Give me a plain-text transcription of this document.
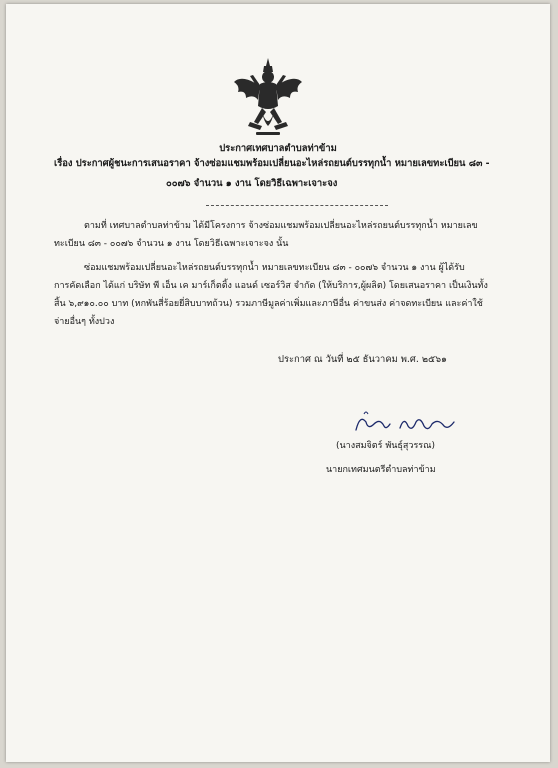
ประกาศเทศบาลตำบลท่าข้าม
เรื่อง ประกาศผู้ชนะการเสนอราคา จ้างซ่อมแชมพร้อมเปลี่ยนอะไหล่รถยนต์บรรทุกน้ำ หมายเลขทะเบียน ๘๓ -
๐๐๗๖ จำนวน ๑ งาน โดยวิธีเฉพาะเจาะจง
ตามที่ เทศบาลตำบลท่าข้าม ได้มีโครงการ จ้างซ่อมแชมพร้อมเปลี่ยนอะไหล่รถยนต์บรรทุกน้ำ หมายเลข
ทะเบียน ๘๓ - ๐๐๗๖ จำนวน ๑ งาน โดยวิธีเฉพาะเจาะจง นั้น
ซ่อมแชมพร้อมเปลี่ยนอะไหล่รถยนต์บรรทุกน้ำ หมายเลขทะเบียน ๘๓ - ๐๐๗๖ จำนวน ๑ งาน ผู้ได้รับ
การคัดเลือก ได้แก่ บริษัท พี เอ็น เค มาร์เก็ตติ้ง แอนด์ เซอร์วิส จำกัด (ให้บริการ,ผู้ผลิต) โดยเสนอราคา เป็นเงินทั้ง
สิ้น ๖,๙๑๐.๐๐ บาท (หกพันสี่ร้อยยี่สิบบาทถ้วน) รวมภาษีมูลค่าเพิ่มและภาษีอื่น ค่าขนส่ง ค่าจดทะเบียน และค่าใช้
จ่ายอื่นๆ ทั้งปวง
ประกาศ ณ วันที่ ๒๕ ธันวาคม พ.ศ. ๒๕๖๑
(นางสมจิตร์ พันธุ์สุวรรณ)
นายกเทศมนตรีตำบลท่าข้าม
